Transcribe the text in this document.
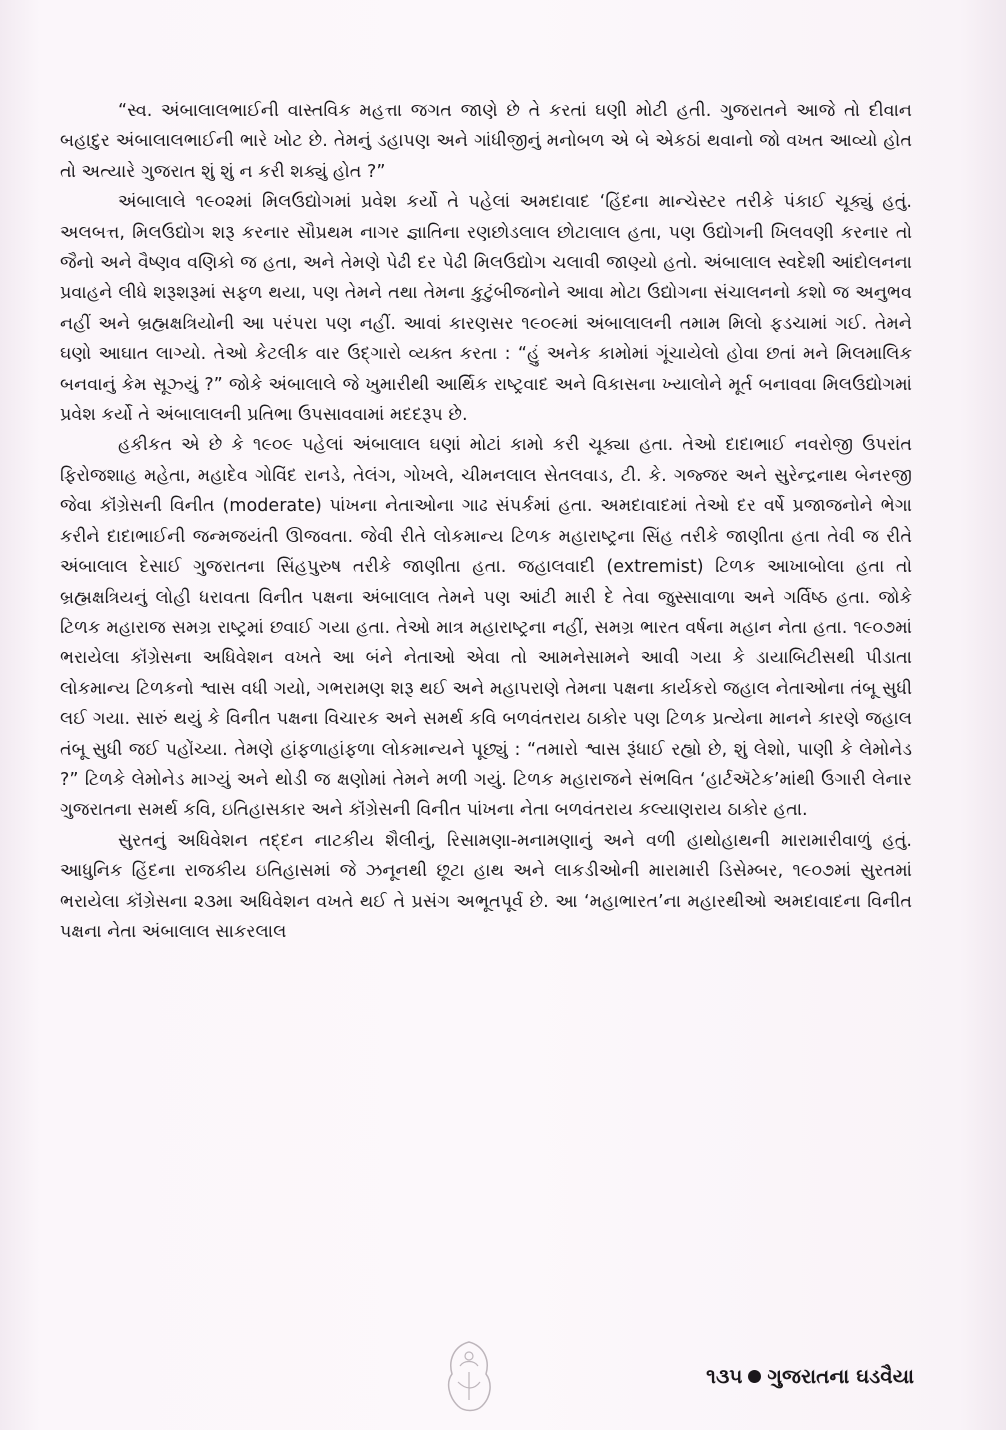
“સ્વ. અંબાલાલભાઈની વાસ્તવિક મહત્તા જગત જાણે છે તે કરતાં ઘણી મોટી હતી. ગુજરાતને આજે તો દીવાન બહાદુર અંબાલાલભાઈની ભારે ખોટ છે. તેમનું ડહાપણ અને ગાંધીજીનું મનોબળ એ બે એકઠાં થવાનો જો વખત આવ્યો હોત તો અત્યારે ગુજરાત શું શું ન કરી શક્યું હોત ?”

અંબાલાલે ૧૯૦૨માં મિલઉદ્યોગમાં પ્રવેશ કર્યો તે પહેલાં અમદાવાદ ‘હિંદના માન્ચેસ્ટર તરીકે પંકાઈ ચૂક્યું હતું. અલબત્ત, મિલઉદ્યોગ શરૂ કરનાર સૌપ્રથમ નાગર જ્ઞાતિના રણછોડલાલ છોટાલાલ હતા, પણ ઉદ્યોગની ખિલવણી કરનાર તો જૈનો અને વૈષ્ણવ વણિકો જ હતા, અને તેમણે પેઢી દર પેઢી મિલઉદ્યોગ ચલાવી જાણ્યો હતો. અંબાલાલ સ્વદેશી આંદોલનના પ્રવાહને લીધે શરૂશરૂમાં સફળ થયા, પણ તેમને તથા તેમના કુટુંબીજનોને આવા મોટા ઉદ્યોગના સંચાલનનો કશો જ અનુભવ નહીં અને બ્રહ્મક્ષત્રિયોની આ પરંપરા પણ નહીં. આવાં કારણસર ૧૯૦૯માં અંબાલાલની તમામ મિલો ફડચામાં ગઈ. તેમને ઘણો આઘાત લાગ્યો. તેઓ કેટલીક વાર ઉદ્‌ગારો વ્યક્ત કરતા : “હું અનેક કામોમાં ગૂંચાયેલો હોવા છતાં મને મિલમાલિક બનવાનું કેમ સૂઝ્યું ?” જોકે અંબાલાલે જે ખુમારીથી આર્થિક રાષ્ટ્રવાદ અને વિકાસના ખ્યાલોને મૂર્ત બનાવવા મિલઉદ્યોગમાં પ્રવેશ કર્યો તે અંબાલાલની પ્રતિભા ઉપસાવવામાં મદદરૂપ છે.

હકીકત એ છે કે ૧૯૦૯ પહેલાં અંબાલાલ ઘણાં મોટાં કામો કરી ચૂક્યા હતા. તેઓ દાદાભાઈ નવરોજી ઉપરાંત ફિરોજશાહ મહેતા, મહાદેવ ગોવિંદ રાનડે, તેલંગ, ગોખલે, ચીમનલાલ સેતલવાડ, ટી. કે. ગજ્જર અને સુરેન્દ્રનાથ બેનરજી જેવા કૉંગ્રેસની વિનીત (moderate) પાંખના નેતાઓના ગાઢ સંપર્કમાં હતા. અમદાવાદમાં તેઓ દર વર્ષે પ્રજાજનોને ભેગા કરીને દાદાભાઈની જન્મજયંતી ઊજવતા. જેવી રીતે લોકમાન્ય ટિળક મહારાષ્ટ્રના સિંહ તરીકે જાણીતા હતા તેવી જ રીતે અંબાલાલ દેસાઈ ગુજરાતના સિંહપુરુષ તરીકે જાણીતા હતા. જહાલવાદી (extremist) ટિળક આખાબોલા હતા તો બ્રહ્મક્ષત્રિયનું લોહી ધરાવતા વિનીત પક્ષના અંબાલાલ તેમને પણ આંટી મારી દે તેવા જુસ્સાવાળા અને ગર્વિષ્ઠ હતા. જોકે ટિળક મહારાજ સમગ્ર રાષ્ટ્રમાં છવાઈ ગયા હતા. તેઓ માત્ર મહારાષ્ટ્રના નહીં, સમગ્ર ભારત વર્ષના મહાન નેતા હતા. ૧૯૦૭માં ભરાયેલા કૉંગ્રેસના અધિવેશન વખતે આ બંને નેતાઓ એવા તો આમનેસામને આવી ગયા કે ડાયાબિટીસથી પીડાતા લોકમાન્ય ટિળકનો શ્વાસ વધી ગયો, ગભરામણ શરૂ થઈ અને મહાપરાણે તેમના પક્ષના કાર્યકરો જહાલ નેતાઓના તંબૂ સુધી લઈ ગયા. સારું થયું કે વિનીત પક્ષના વિચારક અને સમર્થ કવિ બળવંતરાય ઠાકોર પણ ટિળક પ્રત્યેના માનને કારણે જહાલ તંબૂ સુધી જઈ પહોંચ્યા. તેમણે હાંફળાહાંફળા લોકમાન્યને પૂછ્યું : “તમારો શ્વાસ રૂંધાઈ રહ્યો છે, શું લેશો, પાણી કે લેમોનેડ ?” ટિળકે લેમોનેડ માગ્યું અને થોડી જ ક્ષણોમાં તેમને મળી ગયું. ટિળક મહારાજને સંભવિત ‘હાર્ટઍટેક’માંથી ઉગારી લેનાર ગુજરાતના સમર્થ કવિ, ઇતિહાસકાર અને કૉંગ્રેસની વિનીત પાંખના નેતા બળવંતરાય કલ્યાણરાય ઠાકોર હતા.

સુરતનું અધિવેશન તદ્દન નાટકીય શૈલીનું, રિસામણા-મનામણાનું અને વળી હાથોહાથની મારામારીવાળું હતું. આધુનિક હિંદના રાજકીય ઇતિહાસમાં જે ઝનૂનથી છૂટા હાથ અને લાકડીઓની મારામારી ડિસેમ્બર, ૧૯૦૭માં સુરતમાં ભરાયેલા કૉંગ્રેસના ૨૩મા અધિવેશન વખતે થઈ તે પ્રસંગ અભૂતપૂર્વ છે. આ ‘મહાભારત’ના મહારથીઓ અમદાવાદના વિનીત પક્ષના નેતા અંબાલાલ સાકરલાલ

૧૩૫ ગુજરાતના ઘડવૈયા
